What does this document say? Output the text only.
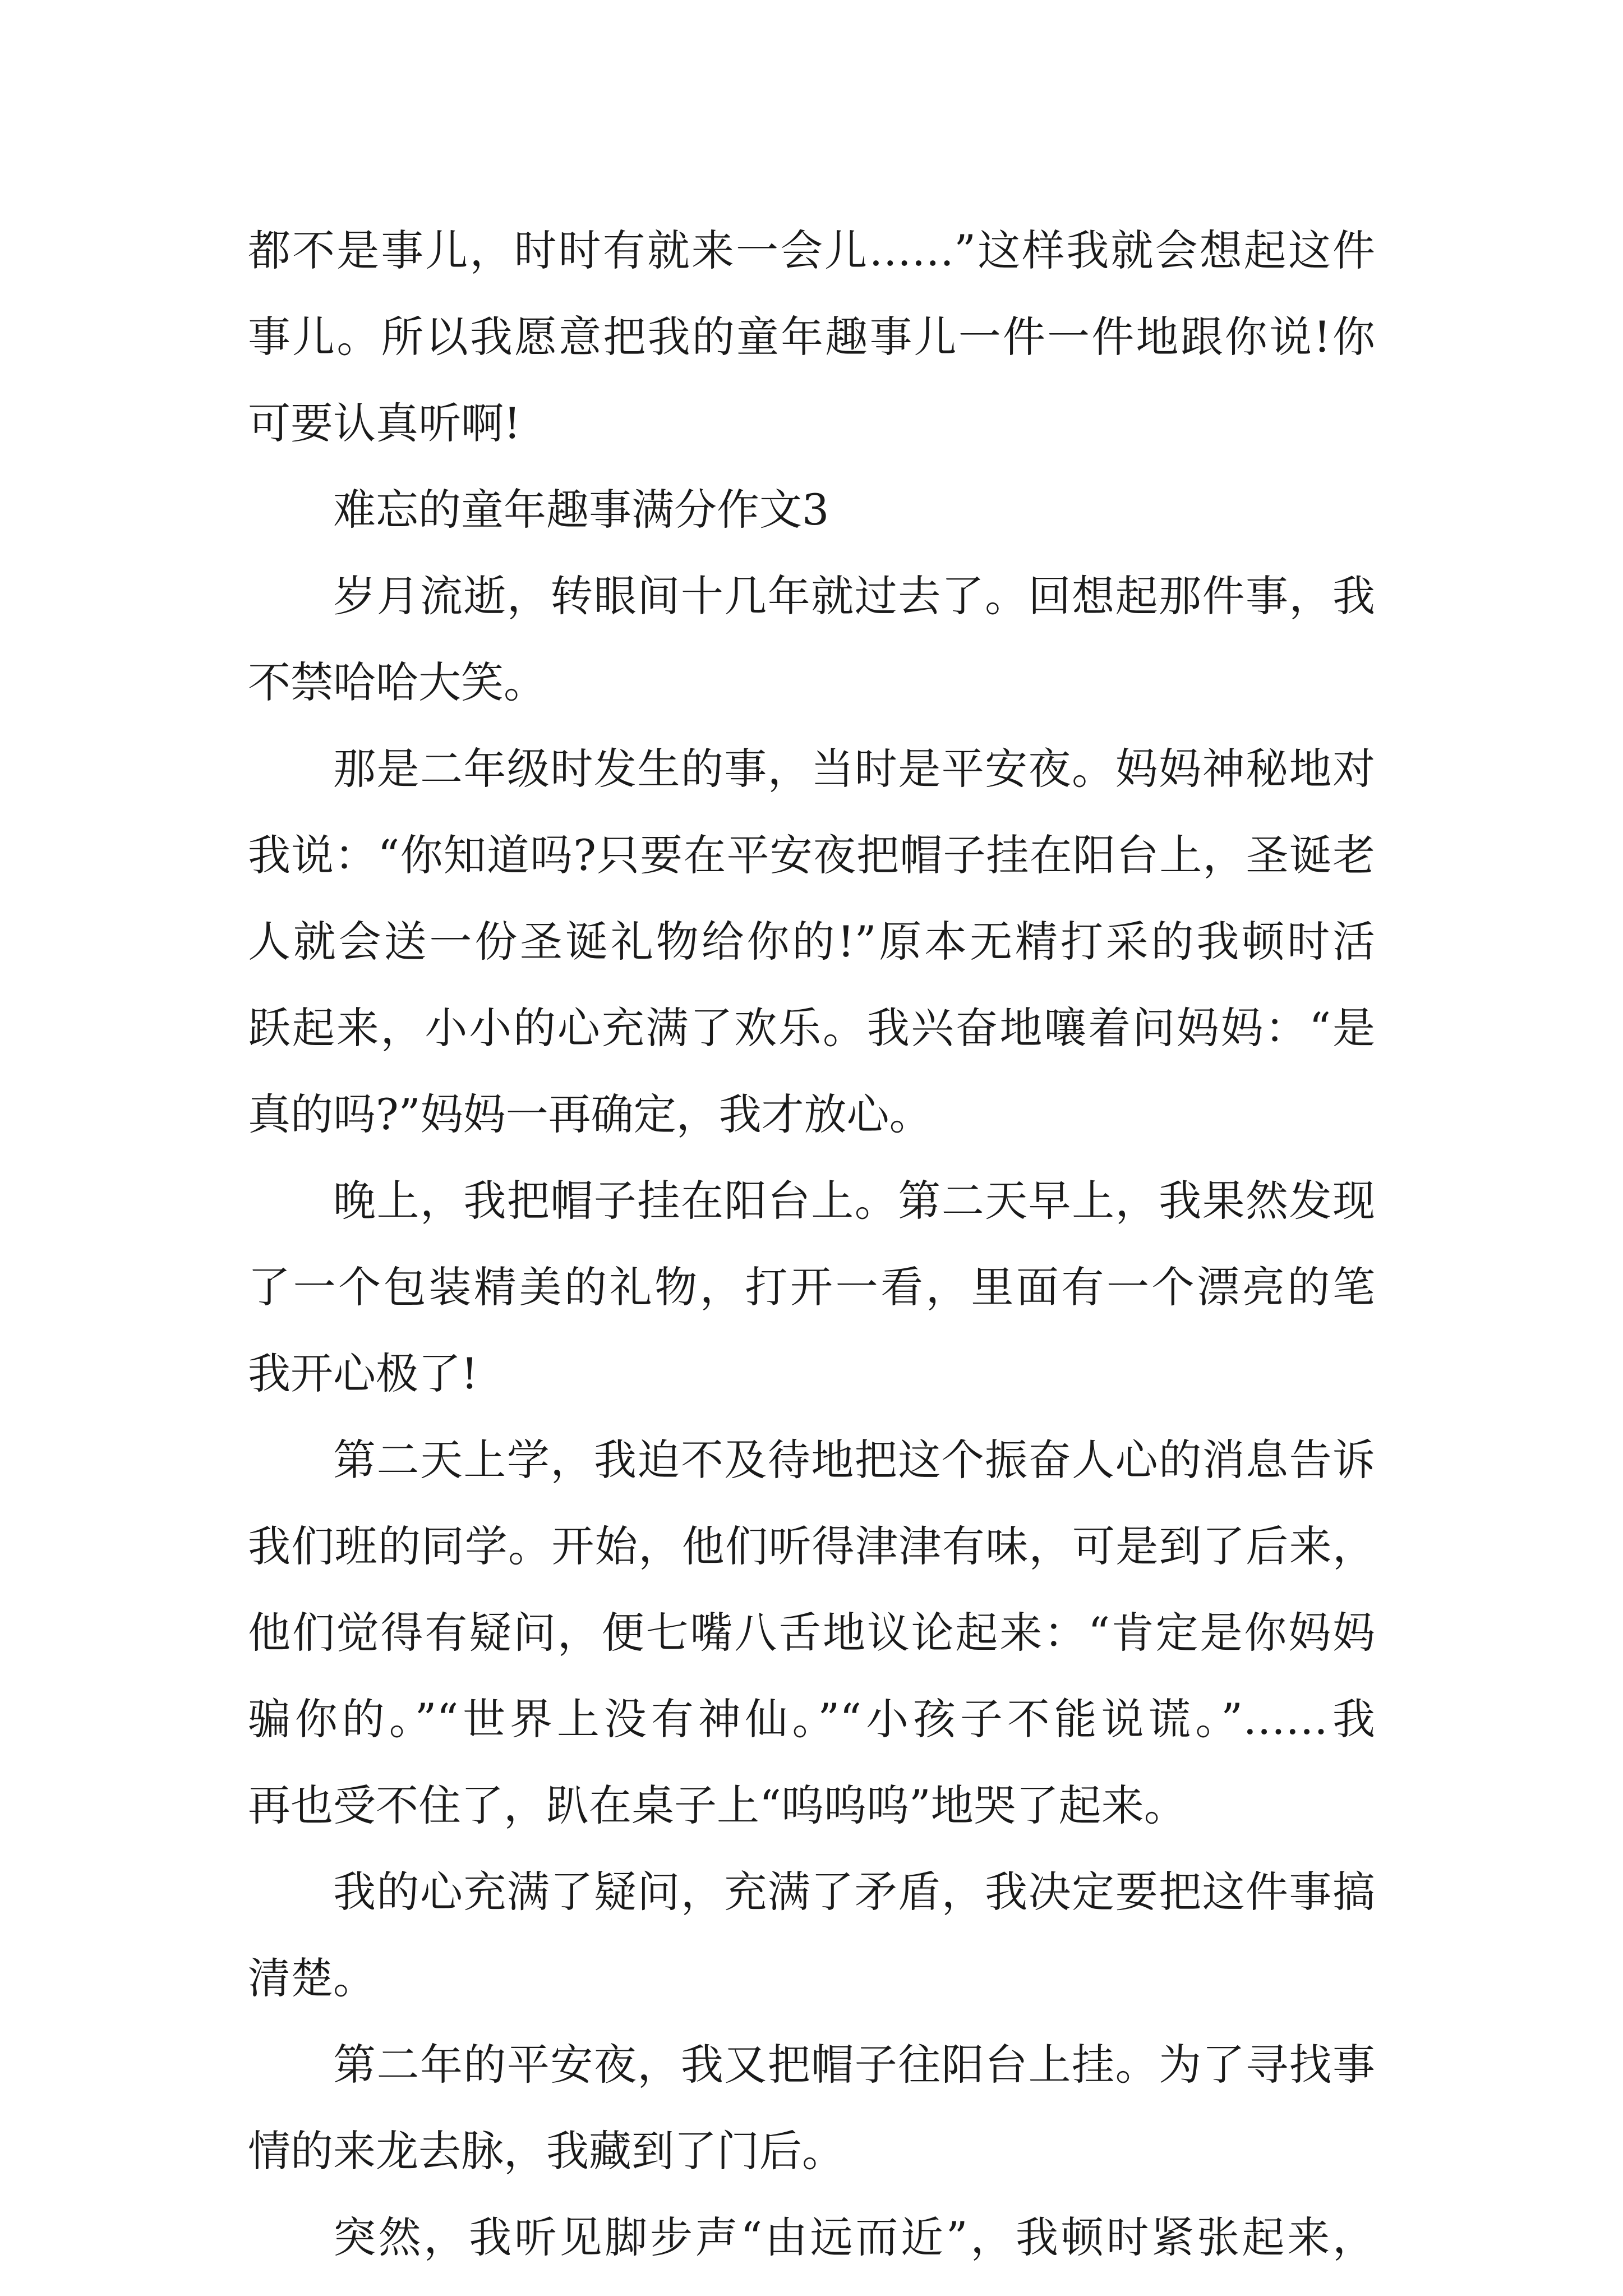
都不是事儿，时时有就来一会儿……”这样我就会想起这件
事儿。所以我愿意把我的童年趣事儿一件一件地跟你说!你
可要认真听啊!
难忘的童年趣事满分作文3
岁月流逝，转眼间十几年就过去了。回想起那件事，我
不禁哈哈大笑。
那是二年级时发生的事，当时是平安夜。妈妈神秘地对
我说：“你知道吗?只要在平安夜把帽子挂在阳台上，圣诞老
人就会送一份圣诞礼物给你的!”原本无精打采的我顿时活
跃起来，小小的心充满了欢乐。我兴奋地嚷着问妈妈：“是
真的吗?”妈妈一再确定，我才放心。
晚上，我把帽子挂在阳台上。第二天早上，我果然发现
了一个包装精美的礼物，打开一看，里面有一个漂亮的笔
我开心极了!
第二天上学，我迫不及待地把这个振奋人心的消息告诉
我们班的同学。开始，他们听得津津有味，可是到了后来，
他们觉得有疑问，便七嘴八舌地议论起来：“肯定是你妈妈
骗你的。”“世界上没有神仙。”“小孩子不能说谎。”……我
再也受不住了，趴在桌子上“呜呜呜”地哭了起来。
我的心充满了疑问，充满了矛盾，我决定要把这件事搞
清楚。
第二年的平安夜，我又把帽子往阳台上挂。为了寻找事
情的来龙去脉，我藏到了门后。
突然，我听见脚步声“由远而近”，我顿时紧张起来，
